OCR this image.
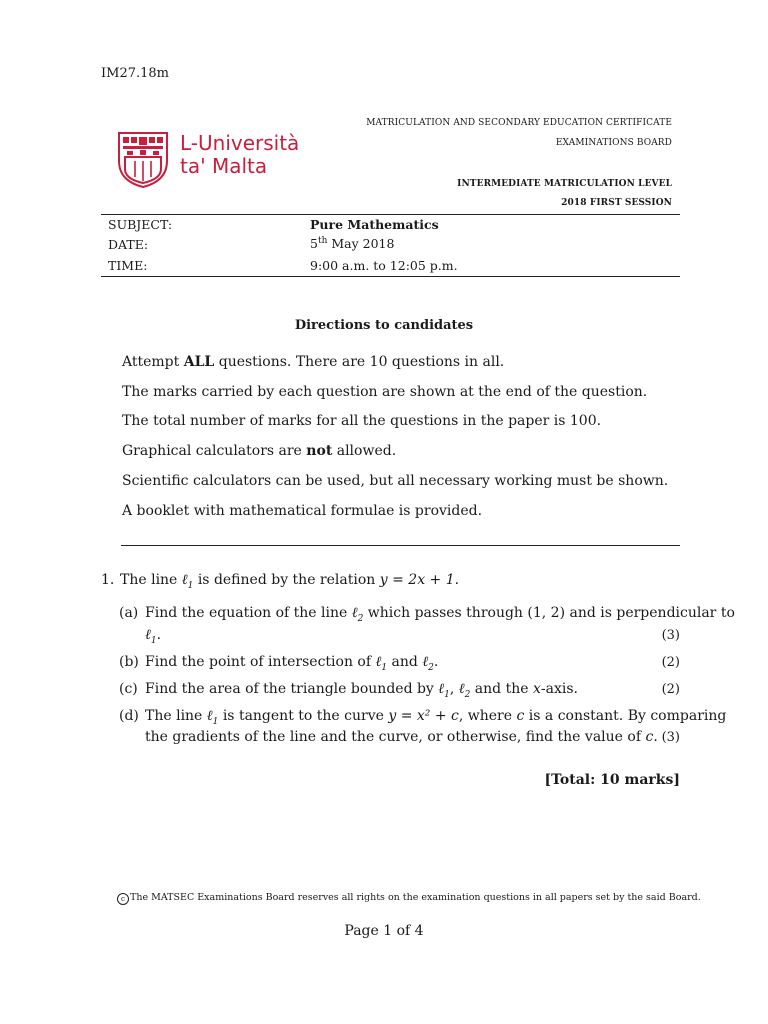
IM27.18m
MATRICULATION AND SECONDARY EDUCATION CERTIFICATE
EXAMINATIONS BOARD
INTERMEDIATE MATRICULATION LEVEL
2018 FIRST SESSION
L-Università
ta' Malta
SUBJECT:	Pure Mathematics
DATE:	5th May 2018
TIME:	9:00 a.m. to 12:05 p.m.
Directions to candidates
Attempt ALL questions. There are 10 questions in all.
The marks carried by each question are shown at the end of the question.
The total number of marks for all the questions in the paper is 100.
Graphical calculators are not allowed.
Scientific calculators can be used, but all necessary working must be shown.
A booklet with mathematical formulae is provided.
1. The line ℓ$_1$ is defined by the relation y = 2x + 1.
(a) Find the equation of the line ℓ$_2$ which passes through (1, 2) and is perpendicular to
ℓ$_1$.	(3)
(b) Find the point of intersection of ℓ$_1$ and ℓ$_2$.	(2)
(c) Find the area of the triangle bounded by ℓ$_1$, ℓ$_2$ and the x-axis.	(2)
(d) The line ℓ$_1$ is tangent to the curve y = x² + c, where c is a constant. By comparing
the gradients of the line and the curve, or otherwise, find the value of c. (3)
[Total: 10 marks]
c The MATSEC Examinations Board reserves all rights on the examination questions in all papers set by the said Board.
Page 1 of 4
